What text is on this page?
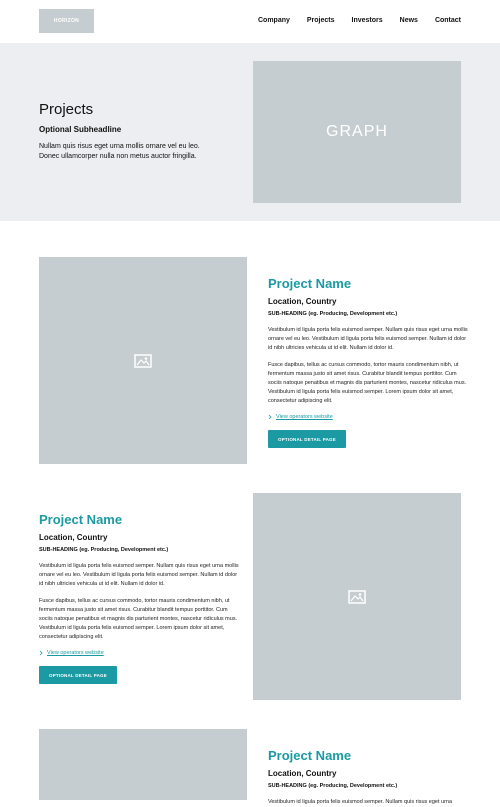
HORIZON	Company Projects Investors News Contact
Projects
Optional Subheadline
Nullam quis risus eget urna mollis ornare vel eu leo. Donec ullamcorper nulla non metus auctor fringilla.
GRAPH
Project Name
Location, Country
SUB-HEADING (eg. Producing, Development etc.)
Vestibulum id ligula porta felis euismod semper. Nullam quis risus eget urna mollis ornare vel eu leo. Vestibulum id ligula porta felis euismod semper. Nullam id dolor id nibh ultricies vehicula ut id elit. Nullam id dolor id.
Fusce dapibus, tellus ac cursus commodo, tortor mauris condimentum nibh, ut fermentum massa justo sit amet risus. Curabitur blandit tempus porttitor. Cum sociis natoque penatibus et magnis dis parturient montes, nascetur ridiculus mus. Vestibulum id ligula porta felis euismod semper. Lorem ipsum dolor sit amet, consectetur adipiscing elit.
View operators website
OPTIONAL DETAIL PAGE
Project Name
Location, Country
SUB-HEADING (eg. Producing, Development etc.)
Vestibulum id ligula porta felis euismod semper. Nullam quis risus eget urna mollis ornare vel eu leo. Vestibulum id ligula porta felis euismod semper. Nullam id dolor id nibh ultricies vehicula ut id elit. Nullam id dolor id.
Fusce dapibus, tellus ac cursus commodo, tortor mauris condimentum nibh, ut fermentum massa justo sit amet risus. Curabitur blandit tempus porttitor. Cum sociis natoque penatibus et magnis dis parturient montes, nascetur ridiculus mus. Vestibulum id ligula porta felis euismod semper. Lorem ipsum dolor sit amet, consectetur adipiscing elit.
View operators website
OPTIONAL DETAIL PAGE
Project Name
Location, Country
SUB-HEADING (eg. Producing, Development etc.)
Vestibulum id ligula porta felis euismod semper. Nullam quis risus eget urna
